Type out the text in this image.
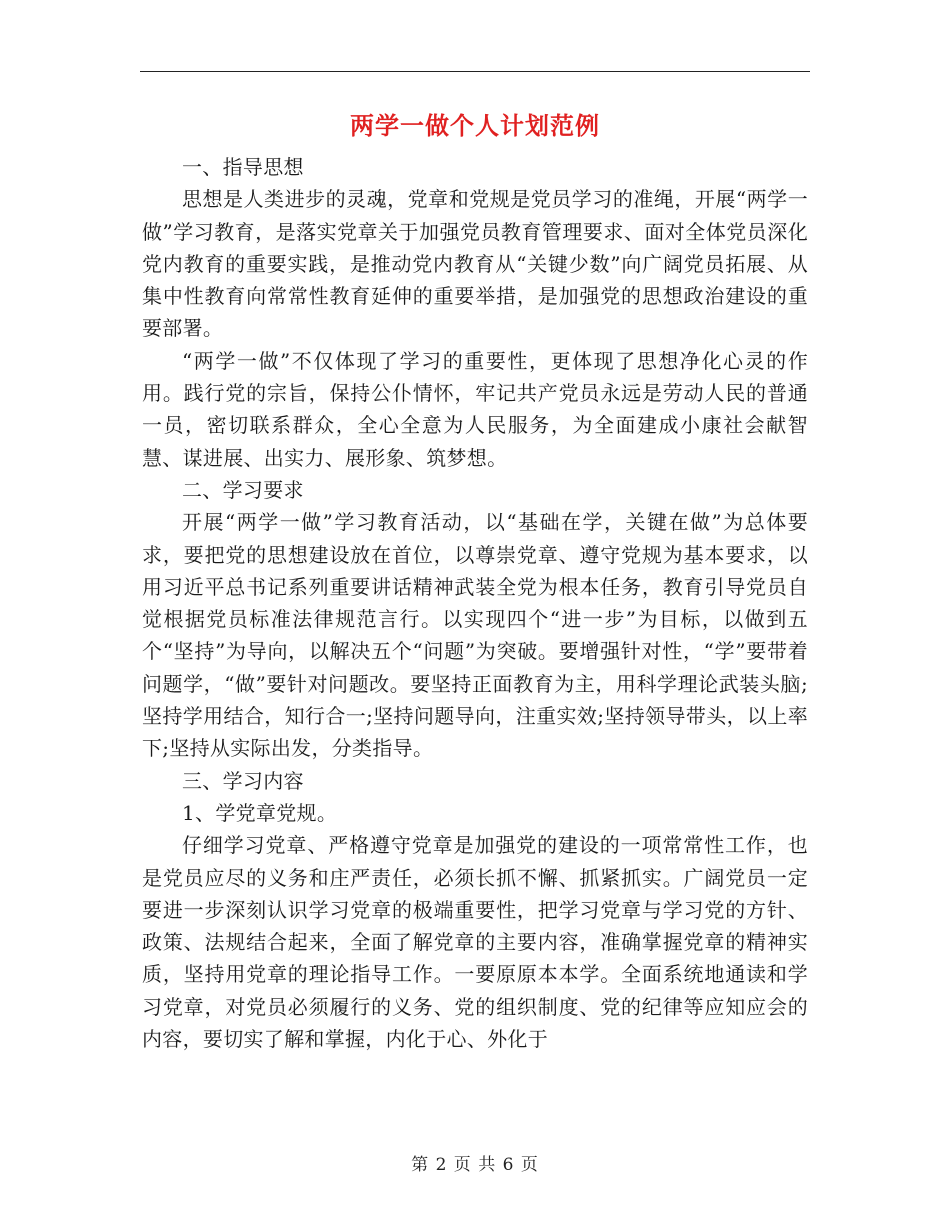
两学一做个人计划范例

一、指导思想

思想是人类进步的灵魂，党章和党规是党员学习的准绳，开展“两学一做”学习教育，是落实党章关于加强党员教育管理要求、面对全体党员深化党内教育的重要实践，是推动党内教育从“关键少数”向广阔党员拓展、从集中性教育向常常性教育延伸的重要举措，是加强党的思想政治建设的重要部署。

“两学一做”不仅体现了学习的重要性，更体现了思想净化心灵的作用。践行党的宗旨，保持公仆情怀，牢记共产党员永远是劳动人民的普通一员，密切联系群众，全心全意为人民服务，为全面建成小康社会献智慧、谋进展、出实力、展形象、筑梦想。

二、学习要求

开展“两学一做”学习教育活动，以“基础在学，关键在做”为总体要求，要把党的思想建设放在首位，以尊崇党章、遵守党规为基本要求，以用习近平总书记系列重要讲话精神武装全党为根本任务，教育引导党员自觉根据党员标准法律规范言行。以实现四个“进一步”为目标，以做到五个“坚持”为导向，以解决五个“问题”为突破。要增强针对性，“学”要带着问题学，“做”要针对问题改。要坚持正面教育为主，用科学理论武装头脑;坚持学用结合，知行合一;坚持问题导向，注重实效;坚持领导带头，以上率下;坚持从实际出发，分类指导。

三、学习内容

1、学党章党规。

仔细学习党章、严格遵守党章是加强党的建设的一项常常性工作，也是党员应尽的义务和庄严责任，必须长抓不懈、抓紧抓实。广阔党员一定要进一步深刻认识学习党章的极端重要性，把学习党章与学习党的方针、政策、法规结合起来，全面了解党章的主要内容，准确掌握党章的精神实质，坚持用党章的理论指导工作。一要原原本本学。全面系统地通读和学习党章，对党员必须履行的义务、党的组织制度、党的纪律等应知应会的内容，要切实了解和掌握，内化于心、外化于

第 2 页 共 6 页
